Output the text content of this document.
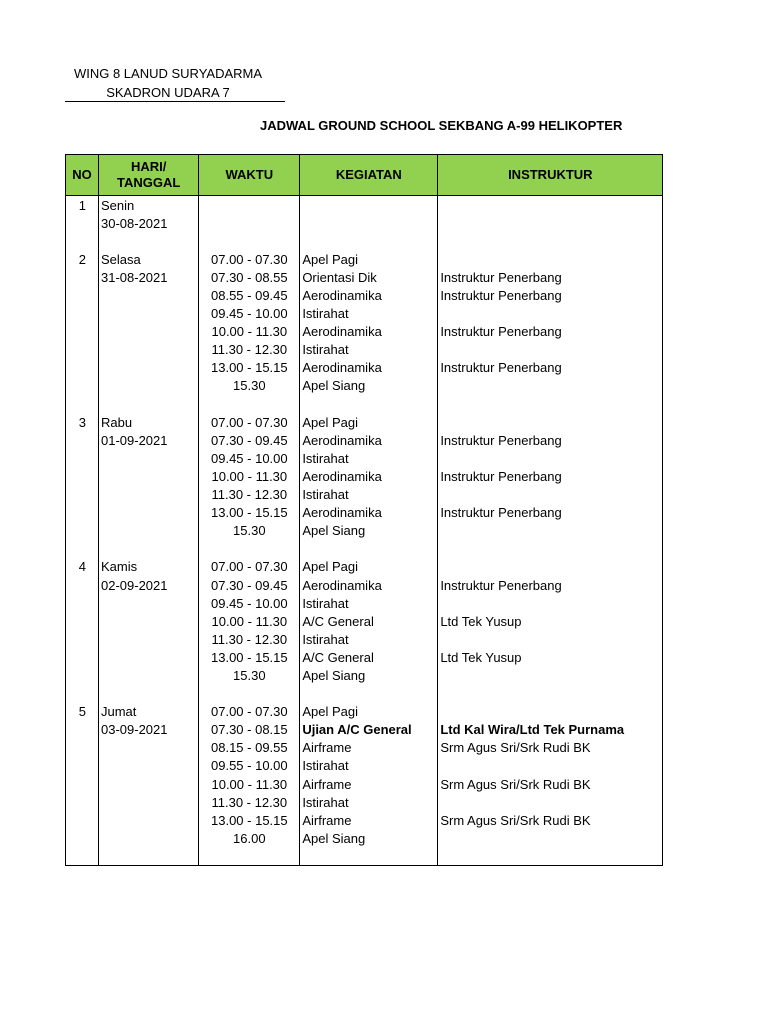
WING 8 LANUD SURYADARMA
SKADRON UDARA 7
JADWAL GROUND SCHOOL SEKBANG A-99 HELIKOPTER
NO	HARI/ TANGGAL	WAKTU	KEGIATAN	INSTRUKTUR
1	Senin			
	30-08-2021			

2	Selasa	07.00 - 07.30	Apel Pagi	
	31-08-2021	07.30 - 08.55	Orientasi Dik	Instruktur Penerbang
		08.55 - 09.45	Aerodinamika	Instruktur Penerbang
		09.45 - 10.00	Istirahat	
		10.00 - 11.30	Aerodinamika	Instruktur Penerbang
		11.30 - 12.30	Istirahat	
		13.00 - 15.15	Aerodinamika	Instruktur Penerbang
		15.30	Apel Siang	

3	Rabu	07.00 - 07.30	Apel Pagi	
	01-09-2021	07.30 - 09.45	Aerodinamika	Instruktur Penerbang
		09.45 - 10.00	Istirahat	
		10.00 - 11.30	Aerodinamika	Instruktur Penerbang
		11.30 - 12.30	Istirahat	
		13.00 - 15.15	Aerodinamika	Instruktur Penerbang
		15.30	Apel Siang	

4	Kamis	07.00 - 07.30	Apel Pagi	
	02-09-2021	07.30 - 09.45	Aerodinamika	Instruktur Penerbang
		09.45 - 10.00	Istirahat	
		10.00 - 11.30	A/C General	Ltd Tek Yusup
		11.30 - 12.30	Istirahat	
		13.00 - 15.15	A/C General	Ltd Tek Yusup
		15.30	Apel Siang	

5	Jumat	07.00 - 07.30	Apel Pagi	
	03-09-2021	07.30 - 08.15	Ujian A/C General	Ltd Kal Wira/Ltd Tek Purnama
		08.15 - 09.55	Airframe	Srm Agus Sri/Srk Rudi BK
		09.55 - 10.00	Istirahat	
		10.00 - 11.30	Airframe	Srm Agus Sri/Srk Rudi BK
		11.30 - 12.30	Istirahat	
		13.00 - 15.15	Airframe	Srm Agus Sri/Srk Rudi BK
		16.00	Apel Siang	
